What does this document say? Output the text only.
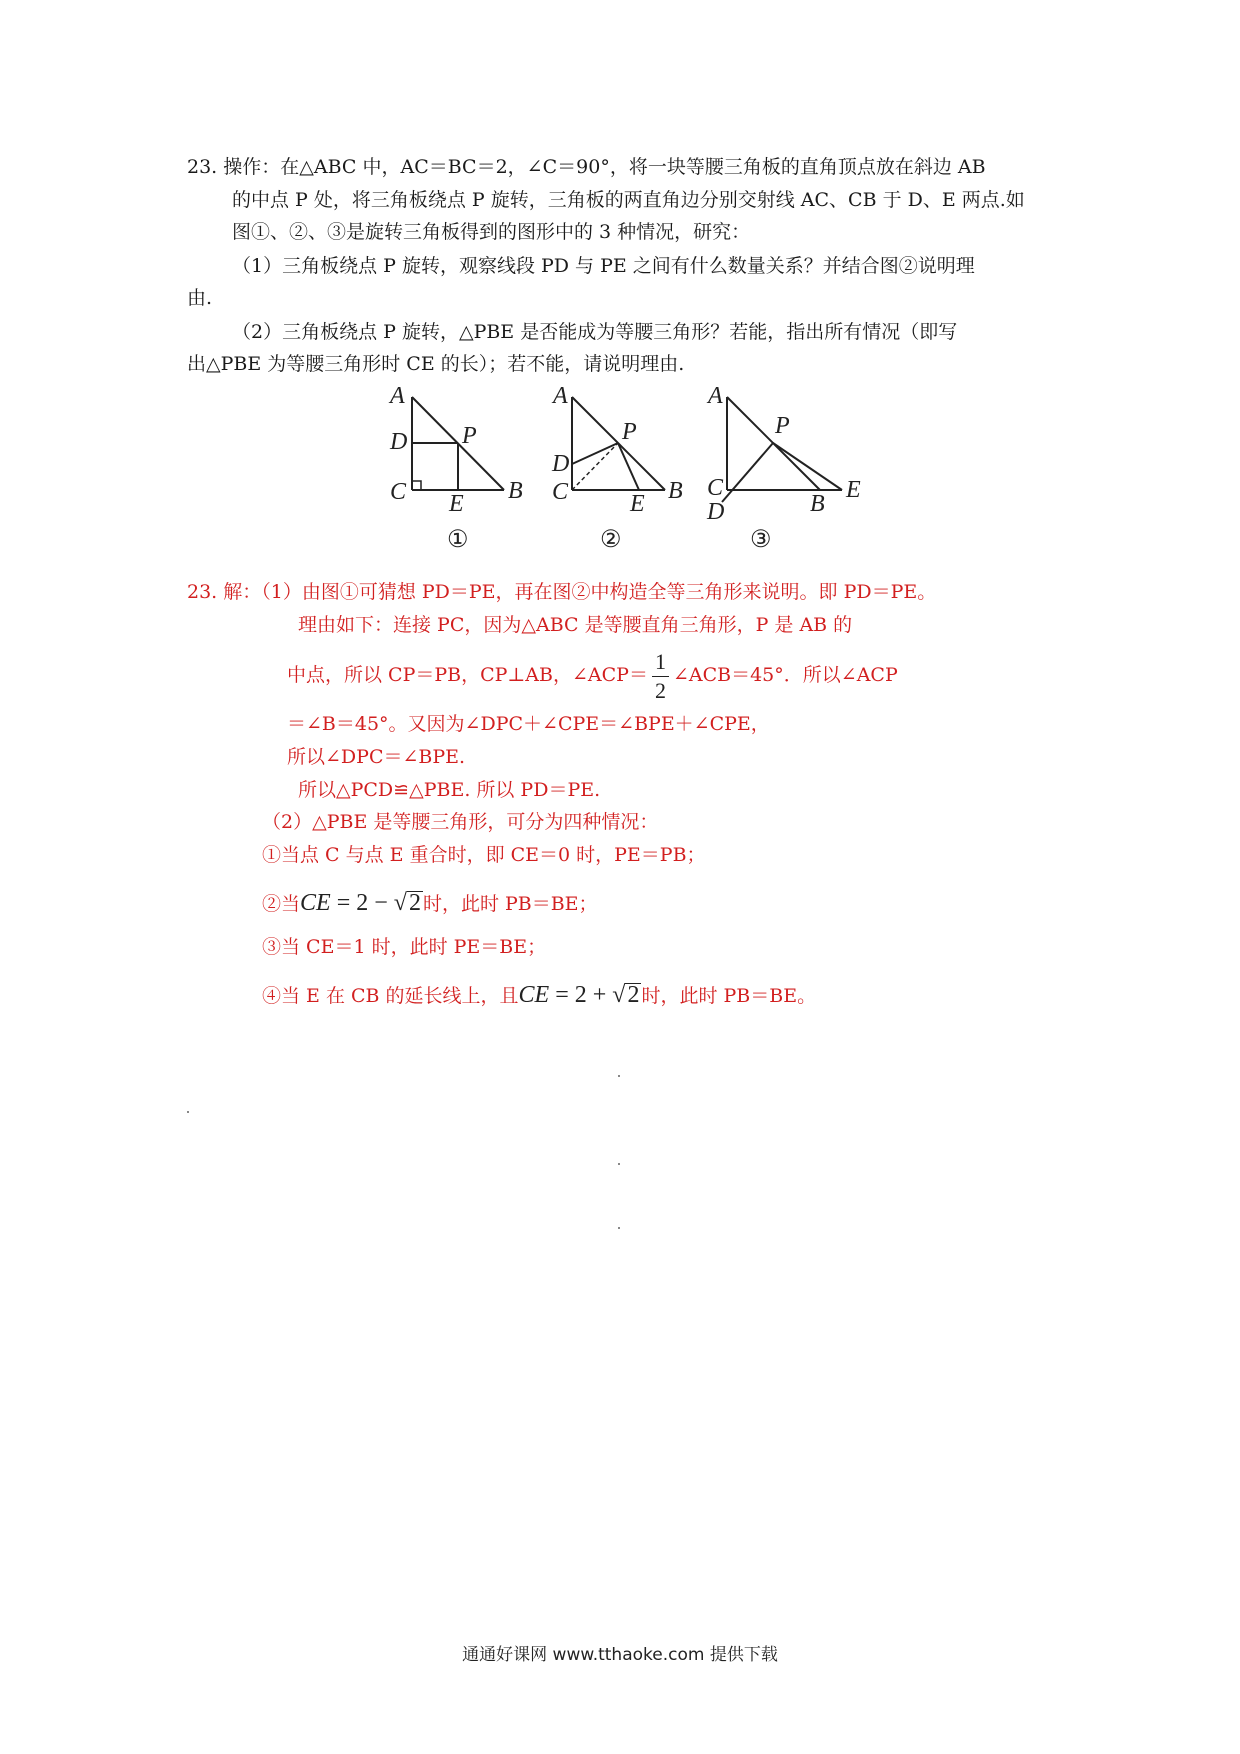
23. 操作：在△ABC 中，AC＝BC＝2，∠C＝90°，将一块等腰三角板的直角顶点放在斜边 AB
的中点 P 处，将三角板绕点 P 旋转，三角板的两直角边分别交射线 AC、CB 于 D、E 两点.如
图①、②、③是旋转三角板得到的图形中的 3 种情况，研究：
（1）三角板绕点 P 旋转，观察线段 PD 与 PE 之间有什么数量关系？并结合图②说明理
由.
（2）三角板绕点 P 旋转，△PBE 是否能成为等腰三角形？若能，指出所有情况（即写
出△PBE 为等腰三角形时 CE 的长）；若不能，请说明理由.
A
D P
C E B
①
A
P
D
C	E B
②
A
P
C
D	B
E
③
23. 解：（1）由图①可猜想 PD＝PE，再在图②中构造全等三角形来说明。即 PD＝PE。
理由如下：连接 PC，因为△ABC 是等腰直角三角形，P 是 AB 的
中点，所以 CP＝PB，CP⊥AB，∠ACP＝ $\frac{1}{2}$ ∠ACB＝45°．所以∠ACP
＝∠B＝45°。又因为∠DPC＋∠CPE＝∠BPE＋∠CPE，
所以∠DPC＝∠BPE.
所以△PCD≌△PBE. 所以 PD＝PE.
（2）△PBE 是等腰三角形，可分为四种情况：
①当点 C 与点 E 重合时，即 CE＝0 时，PE＝PB；
②当CE = 2 − √2 时，此时 PB＝BE；
③当 CE＝1 时，此时 PE＝BE；
④当 E 在 CB 的延长线上，且CE = 2 + √2 时，此时 PB＝BE。
通通好课网 www.tthaoke.com 提供下载
